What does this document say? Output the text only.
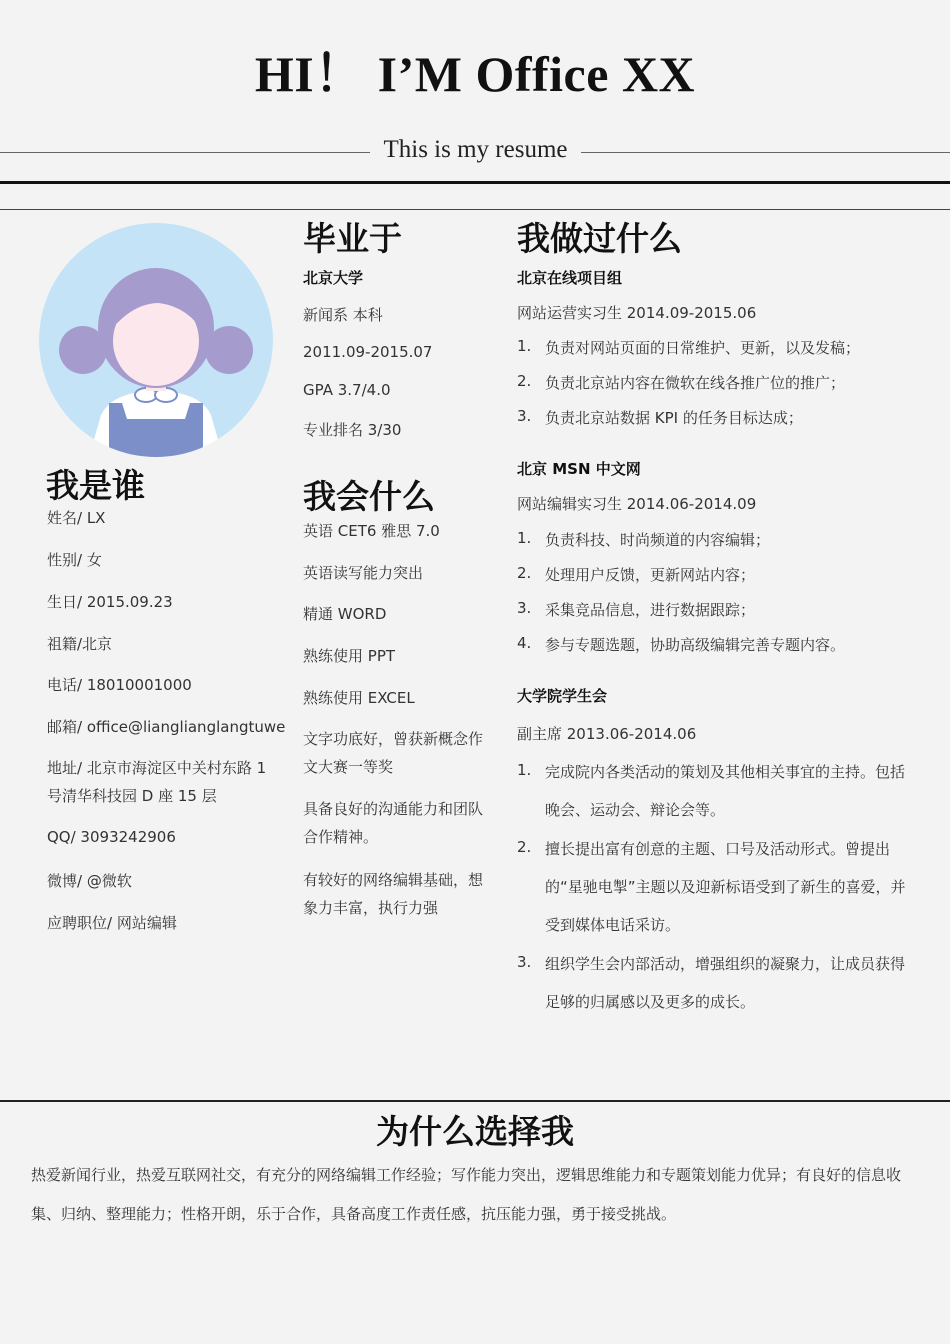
HI！ I’M Office XX
This is my resume
我是谁
姓名/ LX
性别/ 女
生日/ 2015.09.23
祖籍/北京
电话/ 18010001000
邮箱/ office@lianglianglangtuwe
地址/ 北京市海淀区中关村东路 1 号清华科技园 D 座 15 层
QQ/ 3093242906
微博/ @微软
应聘职位/ 网站编辑
毕业于
北京大学
新闻系 本科
2011.09-2015.07
GPA 3.7/4.0
专业排名 3/30
我会什么
英语 CET6 雅思 7.0
英语读写能力突出
精通 WORD
熟练使用 PPT
熟练使用 EXCEL
文字功底好，曾获新概念作文大赛一等奖
具备良好的沟通能力和团队合作精神。
有较好的网络编辑基础，想象力丰富，执行力强
我做过什么
北京在线项目组
网站运营实习生 2014.09-2015.06
1. 负责对网站页面的日常维护、更新，以及发稿；
2. 负责北京站内容在微软在线各推广位的推广；
3. 负责北京站数据 KPI 的任务目标达成；
北京 MSN 中文网
网站编辑实习生 2014.06-2014.09
1. 负责科技、时尚频道的内容编辑；
2. 处理用户反馈，更新网站内容；
3. 采集竞品信息，进行数据跟踪；
4. 参与专题选题，协助高级编辑完善专题内容。
大学院学生会
副主席 2013.06-2014.06
1. 完成院内各类活动的策划及其他相关事宜的主持。包括晚会、运动会、辩论会等。
2. 擅长提出富有创意的主题、口号及活动形式。曾提出的“星驰电掣”主题以及迎新标语受到了新生的喜爱，并受到媒体电话采访。
3. 组织学生会内部活动，增强组织的凝聚力，让成员获得足够的归属感以及更多的成长。
为什么选择我
热爱新闻行业，热爱互联网社交，有充分的网络编辑工作经验；写作能力突出，逻辑思维能力和专题策划能力优异；有良好的信息收集、归纳、整理能力；性格开朗，乐于合作，具备高度工作责任感，抗压能力强，勇于接受挑战。
